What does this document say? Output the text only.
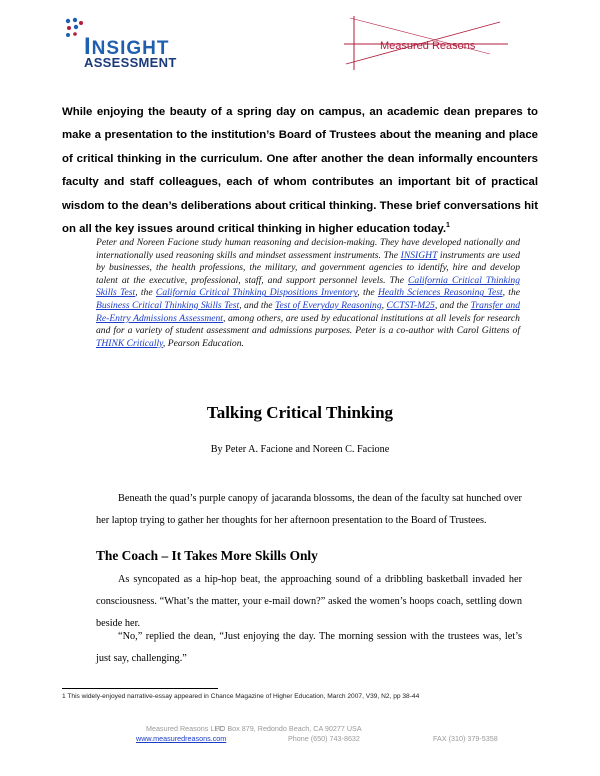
INSIGHT
ASSESSMENT
Measured Reasons
While enjoying the beauty of a spring day on campus, an academic dean prepares to make a presentation to the institution’s Board of Trustees about the meaning and place of critical thinking in the curriculum. One after another the dean informally encounters faculty and staff colleagues, each of whom contributes an important bit of practical wisdom to the dean’s deliberations about critical thinking. These brief conversations hit on all the key issues around critical thinking in higher education today.$^1$
Peter and Noreen Facione study human reasoning and decision-making. They have developed nationally and internationally used reasoning skills and mindset assessment instruments. The INSIGHT instruments are used by businesses, the health professions, the military, and government agencies to identify, hire and develop talent at the executive, professional, staff, and support personnel levels. The California Critical Thinking Skills Test, the California Critical Thinking Dispositions Inventory, the Health Sciences Reasoning Test, the Business Critical Thinking Skills Test, and the Test of Everyday Reasoning, CCTST-M25, and the Transfer and Re-Entry Admissions Assessment, among others, are used by educational institutions at all levels for research and for a variety of student assessment and admissions purposes. Peter is a co-author with Carol Gittens of THINK Critically, Pearson Education.
Talking Critical Thinking
By Peter A. Facione and Noreen C. Facione
Beneath the quad’s purple canopy of jacaranda blossoms, the dean of the faculty sat hunched over her laptop trying to gather her thoughts for her afternoon presentation to the Board of Trustees.
The Coach – It Takes More Skills Only
As syncopated as a hip-hop beat, the approaching sound of a dribbling basketball invaded her consciousness. “What’s the matter, your e-mail down?” asked the women’s hoops coach, settling down beside her.
“No,” replied the dean, “Just enjoying the day. The morning session with the trustees was, let’s just say, challenging.”
1 This widely-enjoyed narrative-essay appeared in Chance Magazine of Higher Education, March 2007, V39, N2, pp 38-44
Measured Reasons LLC
PO Box 879, Redondo Beach, CA 90277 USA
www.measuredreasons.com	Phone (650) 743-8632	FAX (310) 379-5358
